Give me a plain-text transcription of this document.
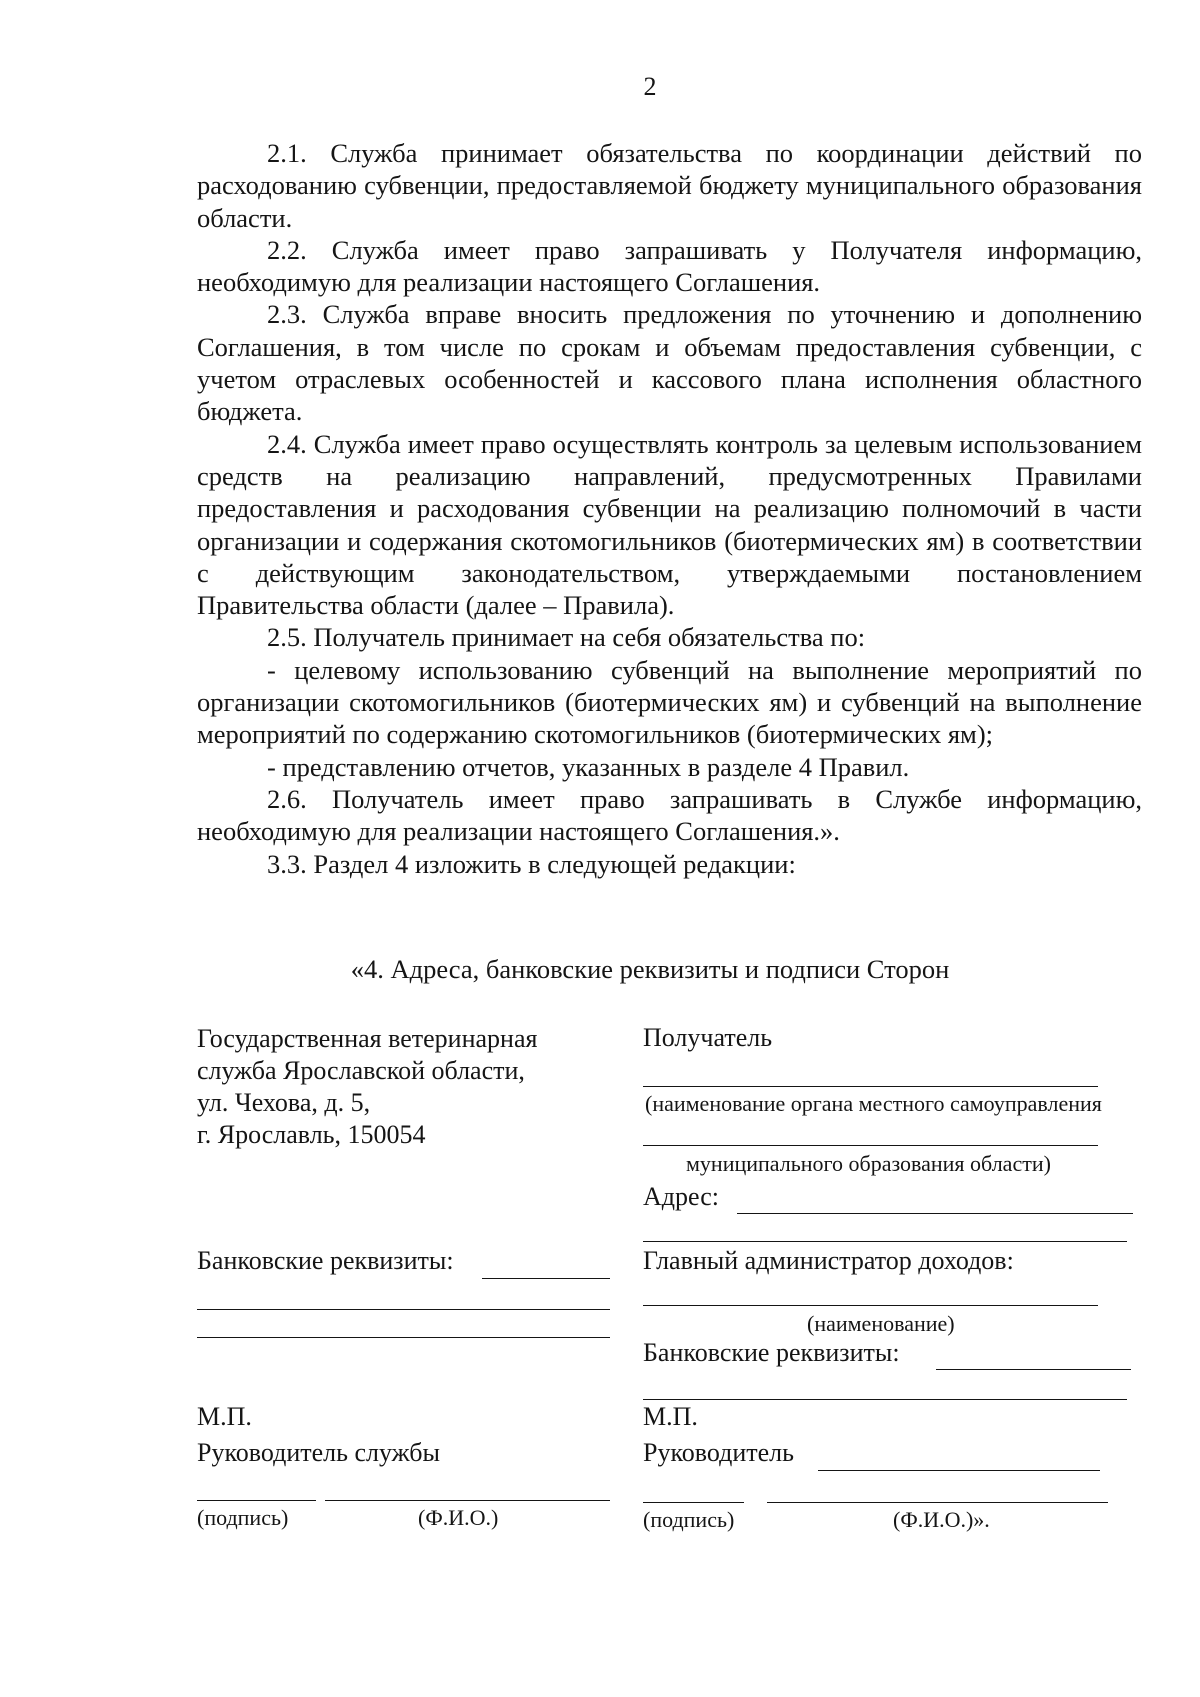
2

2.1. Служба принимает обязательства по координации действий по расходованию субвенции, предоставляемой бюджету муниципального образования области.

2.2. Служба имеет право запрашивать у Получателя информацию, необходимую для реализации настоящего Соглашения.

2.3. Служба вправе вносить предложения по уточнению и дополнению Соглашения, в том числе по срокам и объемам предоставления субвенции, с учетом отраслевых особенностей и кассового плана исполнения областного бюджета.

2.4. Служба имеет право осуществлять контроль за целевым использованием средств на реализацию направлений, предусмотренных Правилами предоставления и расходования субвенции на реализацию полномочий в части организации и содержания скотомогильников (биотермических ям) в соответствии с действующим законодательством, утверждаемыми постановлением Правительства области (далее – Правила).

2.5. Получатель принимает на себя обязательства по:

- целевому использованию субвенций на выполнение мероприятий по организации скотомогильников (биотермических ям) и субвенций на выполнение мероприятий по содержанию скотомогильников (биотермических ям);

- представлению отчетов, указанных в разделе 4 Правил.

2.6. Получатель имеет право запрашивать в Службе информацию, необходимую для реализации настоящего Соглашения.».

3.3. Раздел 4 изложить в следующей редакции:

«4. Адреса, банковские реквизиты и подписи Сторон
Государственная ветеринарная
служба Ярославской области,
ул. Чехова, д. 5,
г. Ярославль, 150054
Банковские реквизиты:
М.П.
Руководитель службы
(подпись)	(Ф.И.О.)
Получатель
(наименование органа местного самоуправления
муниципального образования области)
Адрес:
Главный администратор доходов:
(наименование)
Банковские реквизиты:
М.П.
Руководитель
(подпись)	(Ф.И.О.)».
